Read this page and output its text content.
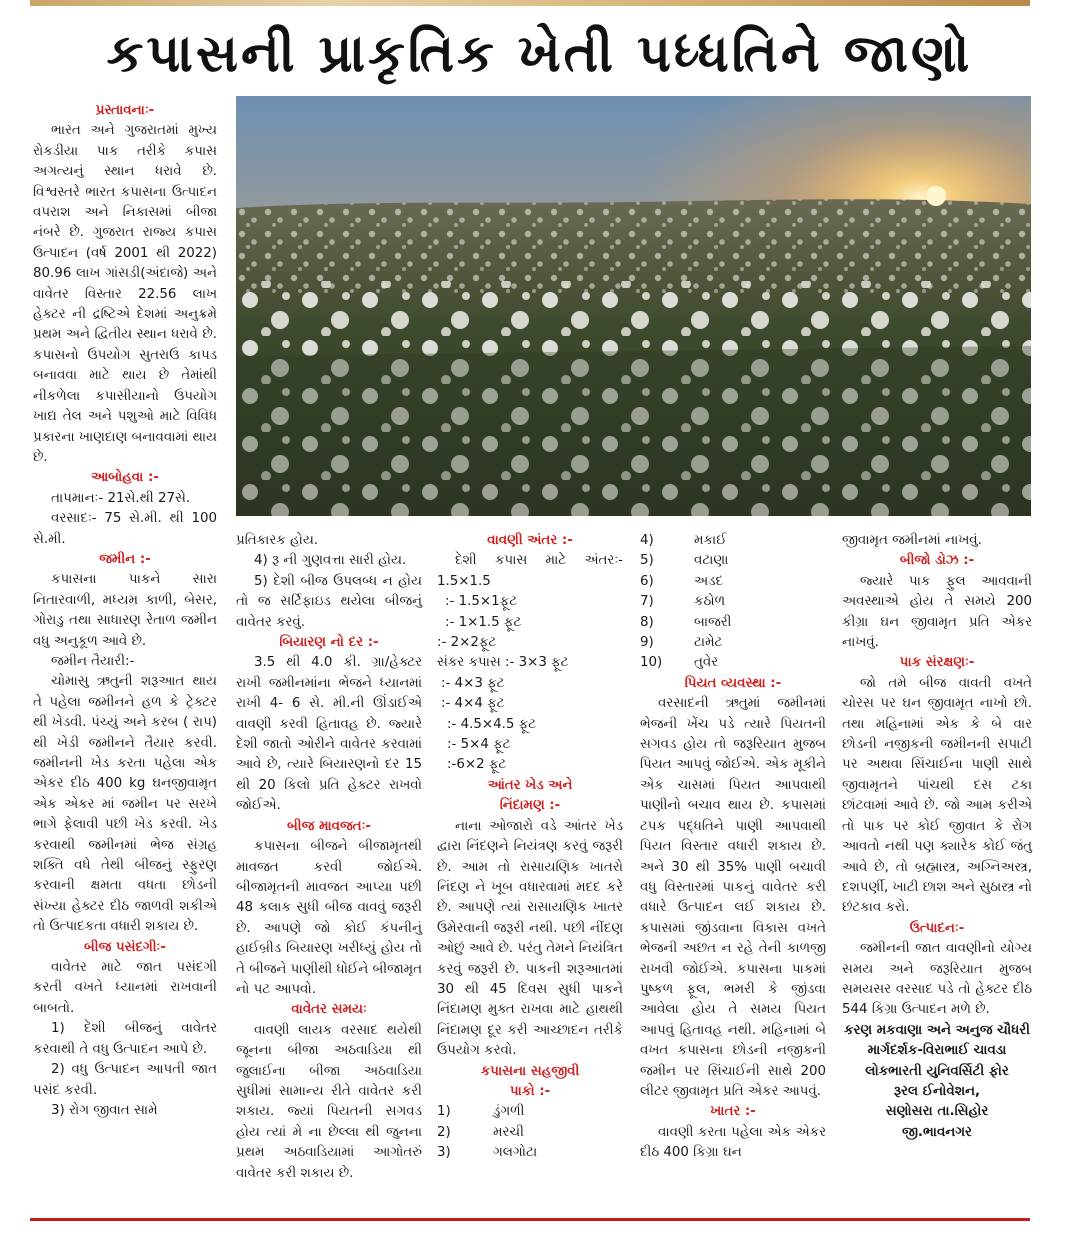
કપાસની પ્રાકૃતિક ખેતી પધ્ધતિને જાણો

પ્રસ્તાવનાઃ-

ભારત અને ગુજરાતમાં મુખ્ય રોકડીયા પાક તરીકે કપાસ અગત્યનું સ્થાન ધરાવે છે. વિશ્વસ્તરે ભારત કપાસના ઉત્પાદન વપરાશ અને નિકાસમાં બીજા નંબરે છે. ગુજરાત રાજ્ય કપાસ ઉત્પાદન (વર્ષ 2001 થી 2022) 80.96 લાખ ગાંસડી(અંદાજે) અને વાવેતર વિસ્તાર 22.56 લાખ હેક્ટર ની દ્રષ્ટિએ દેશમાં અનુક્રમે પ્રથમ અને દ્વિતીય સ્થાન ધરાવે છે. કપાસનો ઉપયોગ સુતરાઉ કાપડ બનાવવા માટે થાય છે તેમાંથી નીકળેલા કપાસીયાનો ઉપયોગ ખાદ્ય તેલ અને પશુઓ માટે વિવિધ પ્રકારના ખાણદાણ બનાવવામાં થાય છે.

આબોહવા :-

તાપમાનઃ- 21સે.થી 27સે.

વરસાદઃ- 75 સે.મી. થી 100 સે.મી.

જમીન :-

કપાસના પાકને સારા નિતારવાળી, મધ્યમ કાળી, બેસર, ગોરાડુ તથા સાધારણ રેતાળ જમીન વધુ અનુકૂળ આવે છે.

જમીન તૈયારી:-

ચોમાસુ ઋતુની શરૂઆત થાય તે પહેલા જમીનને હળ કે ટ્રેક્ટર થી ખેડવી. પંચ્યું અને કરબ ( રાપ) થી ખેડી જમીનને તૈયાર કરવી. જમીનની ખેડ કરતા પહેલા એક એકર દીઠ 400 kg ઘનજીવામૃત એક એકર માં જમીન પર સરખે ભાગે ફેલાવી પછી ખેડ કરવી. ખેડ કરવાથી જમીનમાં ભેજ સંગ્રહ શક્તિ વધે તેથી બીજનું સ્ફુરણ કરવાની ક્ષમતા વધતા છોડની સંખ્યા હેક્ટર દીઠ જાળવી શકીએ તો ઉત્પાદકતા વધારી શકાય છે.

બીજ પસંદગીઃ-

વાવેતર માટે જાત પસંદગી કરતી વખતે ધ્યાનમાં રાખવાની બાબતો.

1) દેશી બીજનું વાવેતર કરવાથી તે વધુ ઉત્પાદન આપે છે.

2) વધુ ઉત્પાદન આપતી જાત પસંદ કરવી.

3) રોગ જીવાત સામે

પ્રતિકારક હોય.

4) રૂ ની ગુણવત્તા સારી હોય.

5) દેશી બીજ ઉપલબ્ધ ન હોય તો જ સર્ટિફાઇડ થયેલા બીજનું વાવેતર કરવું.

બિયારણ નો દર :-

3.5 થી 4.0 કી. ગ્રા/હેક્ટર રાખી જમીનમાંના ભેજને ધ્યાનમાં રાખી 4- 6 સે. મી.ની ઊંડાઈએ વાવણી કરવી હિતાવહ છે. જ્યારે દેશી જાતો ઓરીને વાવેતર કરવામાં આવે છે, ત્યારે બિયારણનો દર 15 થી 20 કિલો પ્રતિ હેક્ટર રાખવો જોઈએ.

બીજ માવજતઃ-

કપાસના બીજને બીજામૃતથી માવજત કરવી જોઈએ. બીજામૃતની માવજત આપ્યા પછી 48 કલાક સુધી બીજ વાવવું જરૂરી છે. આપણે જો કોઈ કંપનીનું હાઈબ્રીડ બિયારણ ખરીધ્યું હોય તો તે બીજને પાણીથી ધોઈને બીજામૃત નો પટ આપવો.

વાવેતર સમયઃ

વાવણી લાયક વરસાદ થયેથી જૂનના બીજા અઠવાડિયા થી જુલાઈના બીજા અઠવાડિયા સુધીમાં સામાન્ય રીતે વાવેતર કરી શકાય. જ્યાં પિયતની સગવડ હોય ત્યાં મે ના છેલ્લા થી જુનના પ્રથમ અઠવાડિયામાં આગોતરું વાવેતર કરી શકાય છે.

વાવણી અંતર :-

દેશી કપાસ માટે અંતરઃ- 1.5×1.5

:- 1.5×1ફૂટ

:- 1×1.5 ફૂટ

:- 2×2ફૂટ

સંકર કપાસ :- 3×3 ફૂટ

:- 4×3 ફૂટ

:- 4×4 ફૂટ

:- 4.5×4.5 ફૂટ

:- 5×4 ફૂટ

:-6×2 ફૂટ

આંતર ખેડ અને

નિંદામણ :-

નાના ઓજારો વડે આંતર ખેડ દ્વારા નિંદણને નિયંત્રણ કરવું જરૂરી છે. આમ તો રાસાયણિક ખાતરો નિંદણ ને ખૂબ વધારવામાં મદદ કરે છે. આપણે ત્યાં રાસાયણિક ખાતર ઉમેરવાની જરૂરી નથી. પછી નીંદણ ઓછું આવે છે. પરંતુ તેમને નિયંત્રિત કરવું જરૂરી છે. પાકની શરૂઆતમાં 30 થી 45 દિવસ સુધી પાકને નિંદામણ મુક્ત રાખવા માટે હાથથી નિંદામણ દૂર કરી આચ્છાદન તરીકે ઉપયોગ કરવો.

કપાસના સહજીવી

પાકો :-

1)	ડુંગળી
2)	મરચી
3)	ગલગોટા
4)	મકાઈ
5)	વટાણા
6)	અડદ
7)	કઠોળ
8)	બાજરી
9)	ટામેટ
10)	તુવેર

પિયત વ્યવસ્થા :-

વરસાદની ઋતુમાં જમીનમાં ભેજની ખેંચ પડે ત્યારે પિયતની સગવડ હોય તો જરૂરિયાત મુજબ પિયત આપવું જોઈએ. એક મૂકીને એક ચાસમાં પિયત આપવાથી પાણીનો બચાવ થાય છે. કપાસમાં ટપક પદ્ધતિને પાણી આપવાથી પિયત વિસ્તાર વધારી શકાય છે. અને 30 થી 35% પાણી બચાવી વધુ વિસ્તારમાં પાકનું વાવેતર કરી વધારે ઉત્પાદન લઈ શકાય છે. કપાસમાં જીંડવાના વિકાસ વખતે ભેજની અછત ન રહે તેની કાળજી રાખવી જોઈએ. કપાસના પાકમાં પુષ્કળ ફૂલ, ભમરી કે જીંડવા આવેલા હોય તે સમય પિયત આપવું હિતાવહ નથી. મહિનામાં બે વખત કપાસના છોડની નજીકની જમીન પર સિંચાઈની સાથે 200 લીટર જીવામૃત પ્રતિ એકર આપવું.

ખાતર :-

વાવણી કરતા પહેલા એક એકર દીઠ 400 કિગ્રા ઘન

જીવામૃત જમીનમાં નાખવું.

બીજો ડોઝ :-

જ્યારે પાક ફુલ આવવાની અવસ્થાએ હોય તે સમયે 200 કીગ્રા ઘન જીવામૃત પ્રતિ એકર નાખવું.

પાક સંરક્ષણઃ-

જો તમે બીજ વાવતી વખતે ચોરસ પર ઘન જીવામૃત નાખો છો. તથા મહિનામાં એક કે બે વાર છોડની નજીકની જમીનની સપાટી પર અથવા સિંચાઈના પાણી સાથે જીવામૃતને પાંચથી દસ ટકા છાંટવામાં આવે છે. જો આમ કરીએ તો પાક પર કોઈ જીવાત કે રોગ આવતો નથી પણ ક્યારેક કોઈ જંતુ આવે છે, તો બ્રહ્માસ્ત્ર, અગ્નિઅસ્ત્ર, દશપર્ણી, ખાટી છાશ અને સુઠાસ્ત્ર નો છંટકાવ કરો.

ઉત્પાદનઃ-

જમીનની જાત વાવણીનો યોગ્ય સમય અને જરૂરિયાત મુજબ સમયસર વરસાદ પડે તો હેક્ટર દીઠ 544 કિગ્રા ઉત્પાદન મળે છે.

કરણ મકવાણા અને અનુજ ચૌધરી

માર્ગદર્શક-વિરાભાઈ ચાવડા

લોકભારતી યુનિવર્સિટી ફોર

રૂરલ ઈનોવેશન,

સણોસરા તા.સિહોર

જી.ભાવનગર
